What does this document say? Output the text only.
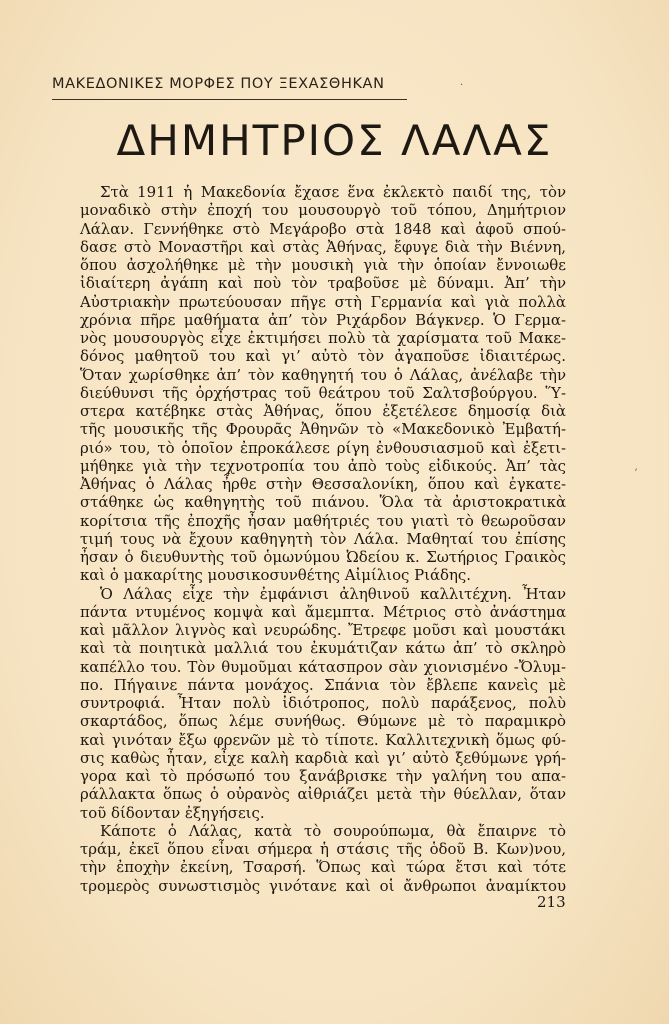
ΜΑΚΕΔΟΝΙΚΕΣ ΜΟΡΦΕΣ ΠΟΥ ΞΕΧΑΣΘΗΚΑΝ	·
ʼ
ΔΗΜΗΤΡΙΟΣ ΛΑΛΑΣ
Στὰ 1911 ἡ Μακεδονία ἔχασε ἕνα ἐκλεκτὸ παιδί της, τὸν
μοναδικὸ στὴν ἐποχή του μουσουργὸ τοῦ τόπου, Δημήτριον
Λάλαν. Γεννήθηκε στὸ Μεγάροβο στὰ 1848 καὶ ἀφοῦ σπού-
δασε στὸ Μοναστῆρι καὶ στὰς Ἀθήνας, ἔφυγε διὰ τὴν Βιέννη,
ὅπου ἀσχολήθηκε μὲ τὴν μουσικὴ γιὰ τὴν ὁποίαν ἔννοιωθε
ἰδιαίτερη ἀγάπη καὶ ποὺ τὸν τραβοῦσε μὲ δύναμι. Ἀπ’ τὴν
Αὐστριακὴν πρωτεύουσαν πῆγε στὴ Γερμανία καὶ γιὰ πολλὰ
χρόνια πῆρε μαθήματα ἀπ’ τὸν Ριχάρδον Βάγκνερ. Ὁ Γερμα-
νὸς μουσουργὸς εἶχε ἐκτιμήσει πολὺ τὰ χαρίσματα τοῦ Μακε-
δόνος μαθητοῦ του καὶ γι’ αὐτὸ τὸν ἀγαποῦσε ἰδιαιτέρως.
Ὅταν χωρίσθηκε ἀπ’ τὸν καθηγητή του ὁ Λάλας, ἀνέλαβε τὴν
διεύθυνσι τῆς ὀρχήστρας τοῦ θεάτρου τοῦ Σαλτσβούργου. Ὕ-
στερα κατέβηκε στὰς Ἀθήνας, ὅπου ἐξετέλεσε δημοσίᾳ διὰ
τῆς μουσικῆς τῆς Φρουρᾶς Ἀθηνῶν τὸ «Μακεδονικὸ Ἐμβατή-
ριό» του, τὸ ὁποῖον ἐπροκάλεσε ρίγη ἐνθουσιασμοῦ καὶ ἐξετι-
μήθηκε γιὰ τὴν τεχνοτροπία του ἀπὸ τοὺς εἰδικούς. Ἀπ’ τὰς
Ἀθήνας ὁ Λάλας ἦρθε στὴν Θεσσαλονίκη, ὅπου καὶ ἐγκατε-
στάθηκε ὡς καθηγητὴς τοῦ πιάνου. Ὅλα τὰ ἀριστοκρατικὰ
κορίτσια τῆς ἐποχῆς ἦσαν μαθήτριές του γιατὶ τὸ θεωροῦσαν
τιμή τους νὰ ἔχουν καθηγητὴ τὸν Λάλα. Μαθηταί του ἐπίσης
ἦσαν ὁ διευθυντὴς τοῦ ὁμωνύμου Ὠδείου κ. Σωτήριος Γραικὸς
καὶ ὁ μακαρίτης μουσικοσυνθέτης Αἰμίλιος Ριάδης.
Ὁ Λάλας εἶχε τὴν ἐμφάνισι ἀληθινοῦ καλλιτέχνη. Ἦταν
πάντα ντυμένος κομψὰ καὶ ἄμεμπτα. Μέτριος στὸ ἀνάστημα
καὶ μᾶλλον λιγνὸς καὶ νευρώδης. Ἔτρεφε μοῦσι καὶ μουστάκι
καὶ τὰ ποιητικὰ μαλλιά του ἐκυμάτιζαν κάτω ἀπ’ τὸ σκληρὸ
καπέλλο του. Τὸν θυμοῦμαι κάτασπρον σὰν χιονισμένο -Ὄλυμ-
πο. Πήγαινε πάντα μονάχος. Σπάνια τὸν ἔβλεπε κανεὶς μὲ
συντροφιά. Ἦταν πολὺ ἰδιότροπος, πολὺ παράξενος, πολὺ
σκαρτάδος, ὅπως λέμε συνήθως. Θύμωνε μὲ τὸ παραμικρὸ
καὶ γινόταν ἔξω φρενῶν μὲ τὸ τίποτε. Καλλιτεχνικὴ ὅμως φύ-
σις καθὼς ἦταν, εἶχε καλὴ καρδιὰ καὶ γι’ αὐτὸ ξεθύμωνε γρή-
γορα καὶ τὸ πρόσωπό του ξανάβρισκε τὴν γαλήνη του απα-
ράλλακτα ὅπως ὁ οὐρανὸς αἰθριάζει μετὰ τὴν θύελλαν, ὅταν
τοῦ δίδονταν ἐξηγήσεις.
Κάποτε ὁ Λάλας, κατὰ τὸ σουρούπωμα, θὰ ἔπαιρνε τὸ
τράμ, ἐκεῖ ὅπου εἶναι σήμερα ἡ στάσις τῆς ὁδοῦ Β. Κων)νου,
τὴν ἐποχὴν ἐκείνη, Τσαρσή. Ὅπως καὶ τώρα ἔτσι καὶ τότε
τρομερὸς συνωστισμὸς γινότανε καὶ οἱ ἄνθρωποι ἀναμίκτου
213
